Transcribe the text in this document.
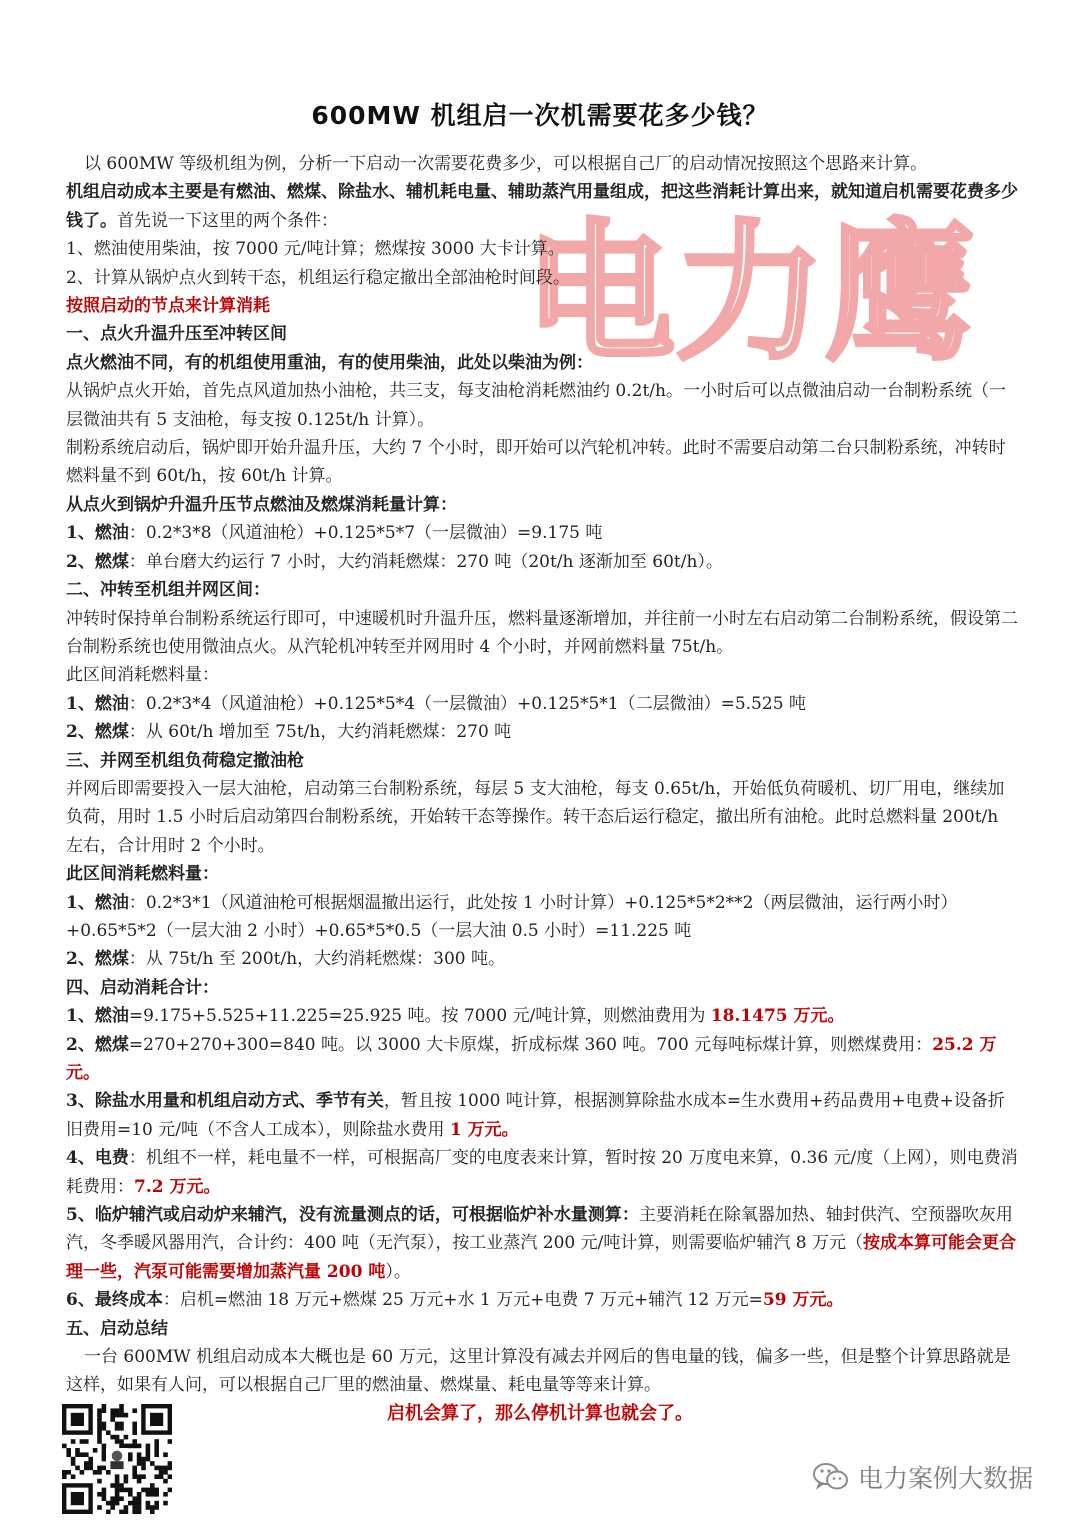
600MW 机组启一次机需要花多少钱？
电力鹰

以 600MW 等级机组为例，分析一下启动一次需要花费多少，可以根据自己厂的启动情况按照这个思路来计算。

机组启动成本主要是有燃油、燃煤、除盐水、辅机耗电量、辅助蒸汽用量组成，把这些消耗计算出来，就知道启机需要花费多少钱了。首先说一下这里的两个条件：

1、燃油使用柴油，按 7000 元/吨计算；燃煤按 3000 大卡计算。

2、计算从锅炉点火到转干态，机组运行稳定撤出全部油枪时间段。

按照启动的节点来计算消耗

一、点火升温升压至冲转区间

点火燃油不同，有的机组使用重油，有的使用柴油，此处以柴油为例：

从锅炉点火开始，首先点风道加热小油枪，共三支，每支油枪消耗燃油约 0.2t/h。一小时后可以点微油启动一台制粉系统（一层微油共有 5 支油枪，每支按 0.125t/h 计算）。

制粉系统启动后，锅炉即开始升温升压，大约 7 个小时，即开始可以汽轮机冲转。此时不需要启动第二台只制粉系统，冲转时燃料量不到 60t/h，按 60t/h 计算。

从点火到锅炉升温升压节点燃油及燃煤消耗量计算：

1、燃油：0.2*3*8（风道油枪）+0.125*5*7（一层微油）=9.175 吨

2、燃煤：单台磨大约运行 7 小时，大约消耗燃煤：270 吨（20t/h 逐渐加至 60t/h）。

二、冲转至机组并网区间：

冲转时保持单台制粉系统运行即可，中速暖机时升温升压，燃料量逐渐增加，并往前一小时左右启动第二台制粉系统，假设第二台制粉系统也使用微油点火。从汽轮机冲转至并网用时 4 个小时，并网前燃料量 75t/h。

此区间消耗燃料量：

1、燃油：0.2*3*4（风道油枪）+0.125*5*4（一层微油）+0.125*5*1（二层微油）=5.525 吨

2、燃煤：从 60t/h 增加至 75t/h，大约消耗燃煤：270 吨

三、并网至机组负荷稳定撤油枪

并网后即需要投入一层大油枪，启动第三台制粉系统，每层 5 支大油枪，每支 0.65t/h，开始低负荷暖机、切厂用电，继续加负荷，用时 1.5 小时后启动第四台制粉系统，开始转干态等操作。转干态后运行稳定，撤出所有油枪。此时总燃料量 200t/h 左右，合计用时 2 个小时。

此区间消耗燃料量：

1、燃油：0.2*3*1（风道油枪可根据烟温撤出运行，此处按 1 小时计算）+0.125*5*2**2（两层微油，运行两小时）+0.65*5*2（一层大油 2 小时）+0.65*5*0.5（一层大油 0.5 小时）=11.225 吨

2、燃煤：从 75t/h 至 200t/h，大约消耗燃煤：300 吨。

四、启动消耗合计：

1、燃油=9.175+5.525+11.225=25.925 吨。按 7000 元/吨计算，则燃油费用为 18.1475 万元。

2、燃煤=270+270+300=840 吨。以 3000 大卡原煤，折成标煤 360 吨。700 元每吨标煤计算，则燃煤费用：25.2 万元。

3、除盐水用量和机组启动方式、季节有关，暂且按 1000 吨计算，根据测算除盐水成本=生水费用+药品费用+电费+设备折旧费用=10 元/吨（不含人工成本），则除盐水费用 1 万元。

4、电费：机组不一样，耗电量不一样，可根据高厂变的电度表来计算，暂时按 20 万度电来算，0.36 元/度（上网），则电费消耗费用：7.2 万元。

5、临炉辅汽或启动炉来辅汽，没有流量测点的话，可根据临炉补水量测算：主要消耗在除氧器加热、轴封供汽、空预器吹灰用汽，冬季暖风器用汽，合计约：400 吨（无汽泵），按工业蒸汽 200 元/吨计算，则需要临炉辅汽 8 万元（按成本算可能会更合理一些，汽泵可能需要增加蒸汽量 200 吨）。

6、最终成本：启机=燃油 18 万元+燃煤 25 万元+水 1 万元+电费 7 万元+辅汽 12 万元=59 万元。

五、启动总结

一台 600MW 机组启动成本大概也是 60 万元，这里计算没有减去并网后的售电量的钱，偏多一些，但是整个计算思路就是这样，如果有人问，可以根据自己厂里的燃油量、燃煤量、耗电量等等来计算。

启机会算了，那么停机计算也就会了。
电力案例大数据
